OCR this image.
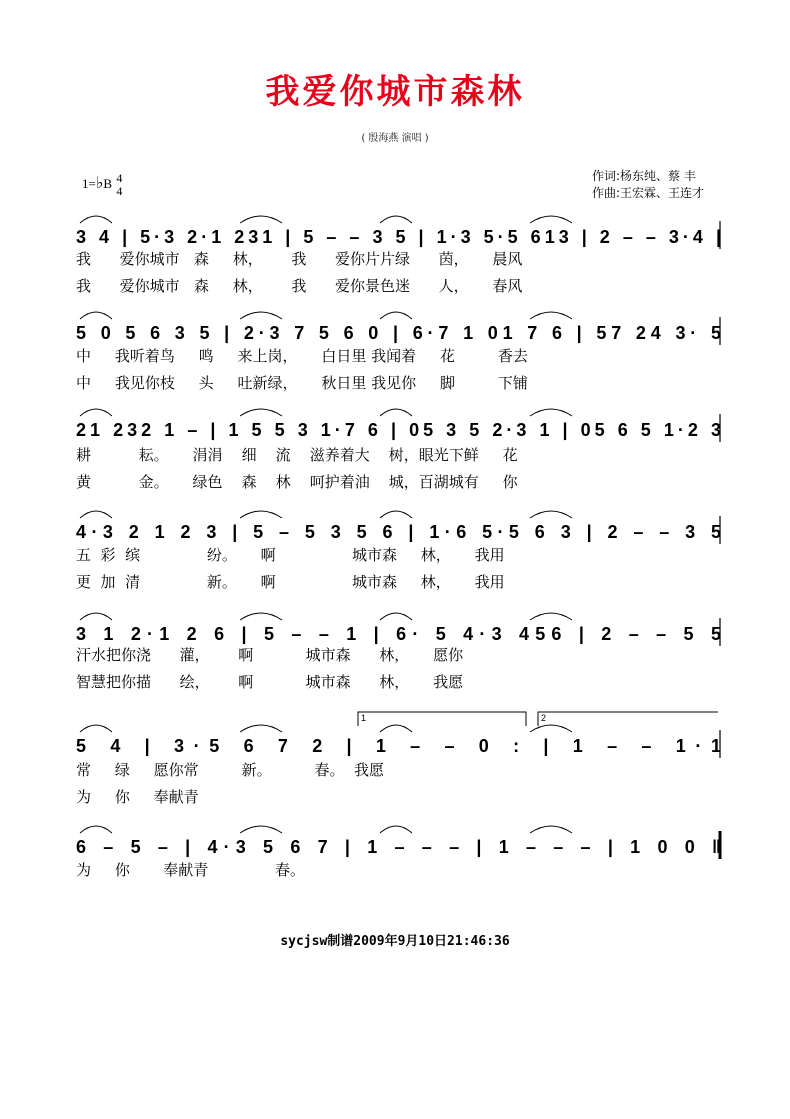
我爱你城市森林
( 殷海燕 演唱 )
1=♭B 4
4
作词:杨东纯、蔡 丰
作曲:王宏霖、王连才
3 4 | 5·3 2·1 231 | 5 – – 3 5 | 1·3 5·5 613 | 2 – – 3·4 |
5 0 5 6 3 5 | 2·3 7 5 6 0 | 6·7 1 01 7 6 | 57 24 3· 5
21 232 1 – | 1 5 5 3 1·7 6 | 05 3 5 2·3 1 | 05 6 5 1·2 3
4·3 2 1 2 3 | 5 – 5 3 5 6 | 1·6 5·5 6 3 | 2 – – 3 5
3 1 2·1 2 6 | 5 – – 1 | 6· 5 4·3 456 | 2 – – 5 5
5 4 | 3·5 6 7 2 | 1 – – 0 : | 1 – – 1·1
1	2
6 – 5 – | 4·3 5 6 7 | 1 – – – | 1 – – – | 1 0 0 ‖
我      爱你城市   森     林，      我      爱你片片绿      茵，     晨风
我      爱你城市   森     林，      我      爱你景色迷      人，     春风
中     我听着鸟     鸣     来上岗，     白日里 我闻着     花         香去
中     我见你枝     头     吐新绿，     秋日里 我见你     脚         下铺
耕          耘。     涓涓    细    流    滋养着大    树，眼光下鲜     花
黄          金。     绿色    森    林    呵护着油    城，百湖城有     你
五  彩  缤              纷。     啊                城市森     林，     我用
更  加  清              新。     啊                城市森     林，     我用
汗水把你浇      灌，      啊           城市森      林，     愿你
智慧把你描      绘，      啊           城市森      林，     我愿
常     绿     愿你常         新。         春。  我愿
为     你     奉献青
为     你       奉献青              春。
sycjsw制谱2009年9月10日21:46:36
